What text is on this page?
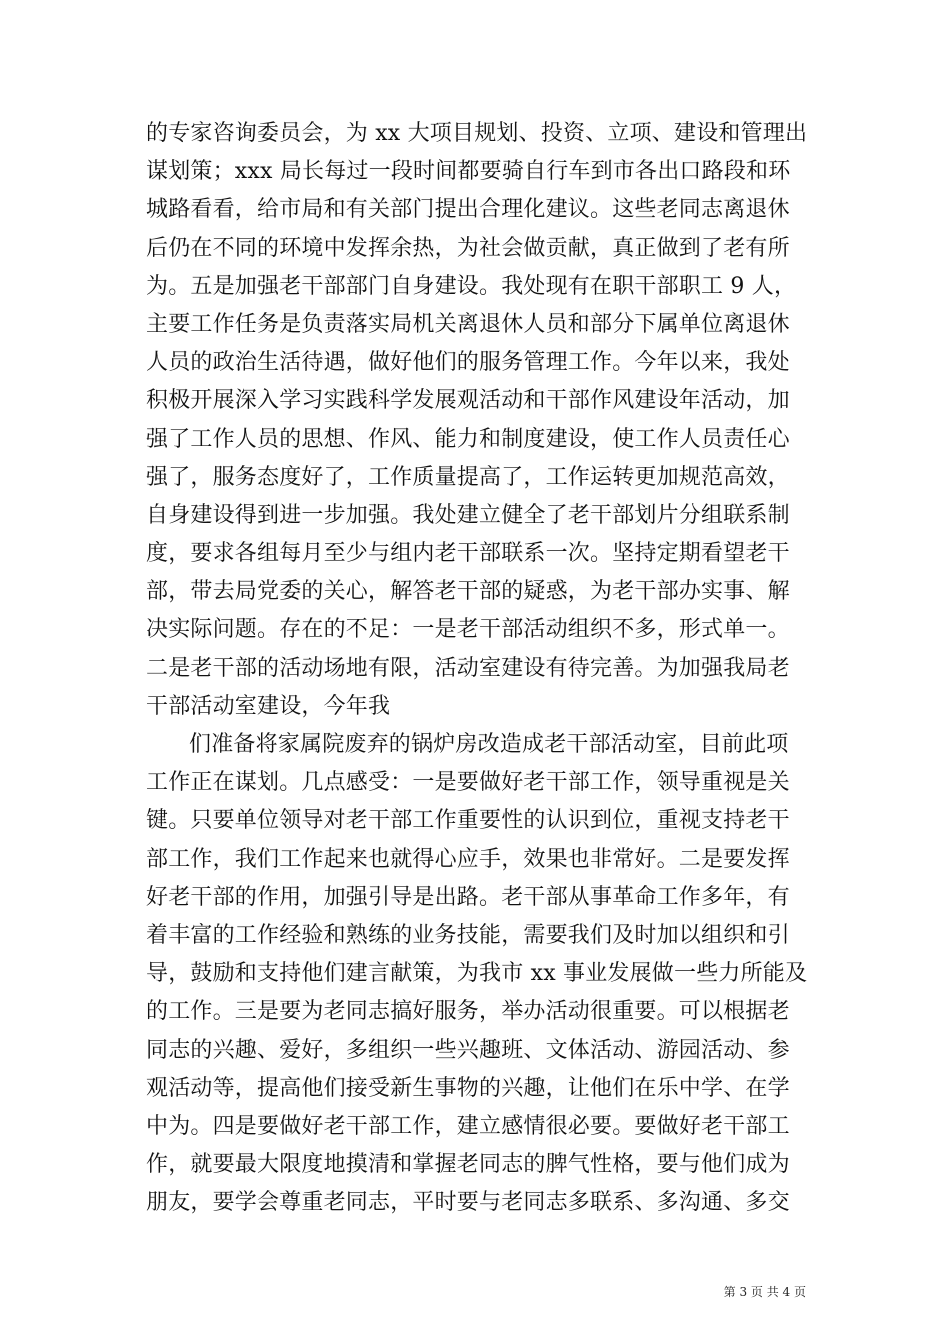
的专家咨询委员会，为 xx 大项目规划、投资、立项、建设和管理出
谋划策；xxx 局长每过一段时间都要骑自行车到市各出口路段和环
城路看看，给市局和有关部门提出合理化建议。这些老同志离退休
后仍在不同的环境中发挥余热，为社会做贡献，真正做到了老有所
为。五是加强老干部部门自身建设。我处现有在职干部职工 9 人，
主要工作任务是负责落实局机关离退休人员和部分下属单位离退休
人员的政治生活待遇，做好他们的服务管理工作。今年以来，我处
积极开展深入学习实践科学发展观活动和干部作风建设年活动，加
强了工作人员的思想、作风、能力和制度建设，使工作人员责任心
强了，服务态度好了，工作质量提高了，工作运转更加规范高效，
自身建设得到进一步加强。我处建立健全了老干部划片分组联系制
度，要求各组每月至少与组内老干部联系一次。坚持定期看望老干
部，带去局党委的关心，解答老干部的疑惑，为老干部办实事、解
决实际问题。存在的不足：一是老干部活动组织不多，形式单一。
二是老干部的活动场地有限，活动室建设有待完善。为加强我局老
干部活动室建设，今年我
们准备将家属院废弃的锅炉房改造成老干部活动室，目前此项
工作正在谋划。几点感受：一是要做好老干部工作，领导重视是关
键。只要单位领导对老干部工作重要性的认识到位，重视支持老干
部工作，我们工作起来也就得心应手，效果也非常好。二是要发挥
好老干部的作用，加强引导是出路。老干部从事革命工作多年，有
着丰富的工作经验和熟练的业务技能，需要我们及时加以组织和引
导，鼓励和支持他们建言献策，为我市 xx 事业发展做一些力所能及
的工作。三是要为老同志搞好服务，举办活动很重要。可以根据老
同志的兴趣、爱好，多组织一些兴趣班、文体活动、游园活动、参
观活动等，提高他们接受新生事物的兴趣，让他们在乐中学、在学
中为。四是要做好老干部工作，建立感情很必要。要做好老干部工
作，就要最大限度地摸清和掌握老同志的脾气性格，要与他们成为
朋友，要学会尊重老同志，平时要与老同志多联系、多沟通、多交
第 3 页 共 4 页
